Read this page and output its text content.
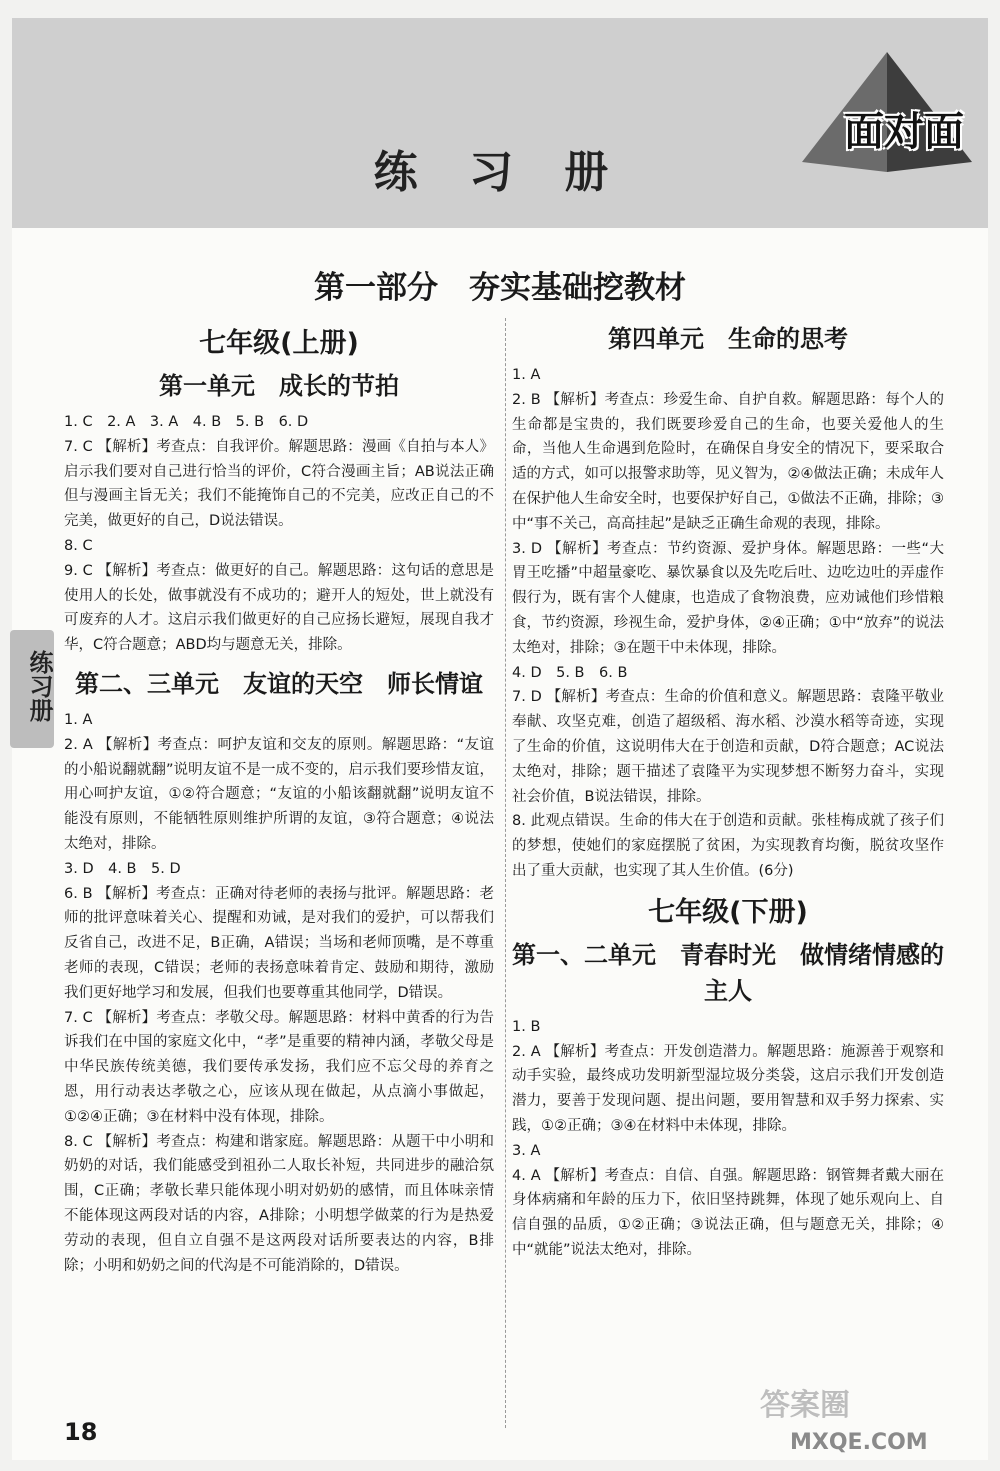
练 习 册
面对面
练习册
第一部分　夯实基础挖教材
七年级(上册)
第一单元　成长的节拍

1. C　2. A　3. A　4. B　5. B　6. D

7. C 【解析】考查点：自我评价。解题思路：漫画《自拍与本人》启示我们要对自己进行恰当的评价，C符合漫画主旨；AB说法正确但与漫画主旨无关；我们不能掩饰自己的不完美，应改正自己的不完美，做更好的自己，D说法错误。

8. C

9. C 【解析】考查点：做更好的自己。解题思路：这句话的意思是使用人的长处，做事就没有不成功的；避开人的短处，世上就没有可废弃的人才。这启示我们做更好的自己应扬长避短，展现自我才华，C符合题意；ABD均与题意无关，排除。

第二、三单元　友谊的天空　师长情谊

1. A

2. A 【解析】考查点：呵护友谊和交友的原则。解题思路：“友谊的小船说翻就翻”说明友谊不是一成不变的，启示我们要珍惜友谊，用心呵护友谊，①②符合题意；“友谊的小船该翻就翻”说明友谊不能没有原则，不能牺牲原则维护所谓的友谊，③符合题意；④说法太绝对，排除。

3. D　4. B　5. D

6. B 【解析】考查点：正确对待老师的表扬与批评。解题思路：老师的批评意味着关心、提醒和劝诫，是对我们的爱护，可以帮我们反省自己，改进不足，B正确，A错误；当场和老师顶嘴，是不尊重老师的表现，C错误；老师的表扬意味着肯定、鼓励和期待，激励我们更好地学习和发展，但我们也要尊重其他同学，D错误。

7. C 【解析】考查点：孝敬父母。解题思路：材料中黄香的行为告诉我们在中国的家庭文化中，“孝”是重要的精神内涵，孝敬父母是中华民族传统美德，我们要传承发扬，我们应不忘父母的养育之恩，用行动表达孝敬之心，应该从现在做起，从点滴小事做起，①②④正确；③在材料中没有体现，排除。

8. C 【解析】考查点：构建和谐家庭。解题思路：从题干中小明和奶奶的对话，我们能感受到祖孙二人取长补短，共同进步的融洽氛围，C正确；孝敬长辈只能体现小明对奶奶的感情，而且体味亲情不能体现这两段对话的内容，A排除；小明想学做菜的行为是热爱劳动的表现，但自立自强不是这两段对话所要表达的内容，B排除；小明和奶奶之间的代沟是不可能消除的，D错误。

第四单元　生命的思考

1. A

2. B 【解析】考查点：珍爱生命、自护自救。解题思路：每个人的生命都是宝贵的，我们既要珍爱自己的生命，也要关爱他人的生命，当他人生命遇到危险时，在确保自身安全的情况下，要采取合适的方式，如可以报警求助等，见义智为，②④做法正确；未成年人在保护他人生命安全时，也要保护好自己，①做法不正确，排除；③中“事不关己，高高挂起”是缺乏正确生命观的表现，排除。

3. D 【解析】考查点：节约资源、爱护身体。解题思路：一些“大胃王吃播”中超量豪吃、暴饮暴食以及先吃后吐、边吃边吐的弄虚作假行为，既有害个人健康，也造成了食物浪费，应劝诫他们珍惜粮食，节约资源，珍视生命，爱护身体，②④正确；①中“放弃”的说法太绝对，排除；③在题干中未体现，排除。

4. D　5. B　6. B

7. D 【解析】考查点：生命的价值和意义。解题思路：袁隆平敬业奉献、攻坚克难，创造了超级稻、海水稻、沙漠水稻等奇迹，实现了生命的价值，这说明伟大在于创造和贡献，D符合题意；AC说法太绝对，排除；题干描述了袁隆平为实现梦想不断努力奋斗，实现社会价值，B说法错误，排除。

8. 此观点错误。生命的伟大在于创造和贡献。张桂梅成就了孩子们的梦想，使她们的家庭摆脱了贫困，为实现教育均衡，脱贫攻坚作出了重大贡献，也实现了其人生价值。(6分)

七年级(下册)
第一、二单元　青春时光　做情绪情感的主人

1. B

2. A 【解析】考查点：开发创造潜力。解题思路：施源善于观察和动手实验，最终成功发明新型湿垃圾分类袋，这启示我们开发创造潜力，要善于发现问题、提出问题，要用智慧和双手努力探索、实践，①②正确；③④在材料中未体现，排除。

3. A

4. A 【解析】考查点：自信、自强。解题思路：钢管舞者戴大丽在身体病痛和年龄的压力下，依旧坚持跳舞，体现了她乐观向上、自信自强的品质，①②正确；③说法正确，但与题意无关，排除；④中“就能”说法太绝对，排除。

18
答案圈
MXQE.COM
